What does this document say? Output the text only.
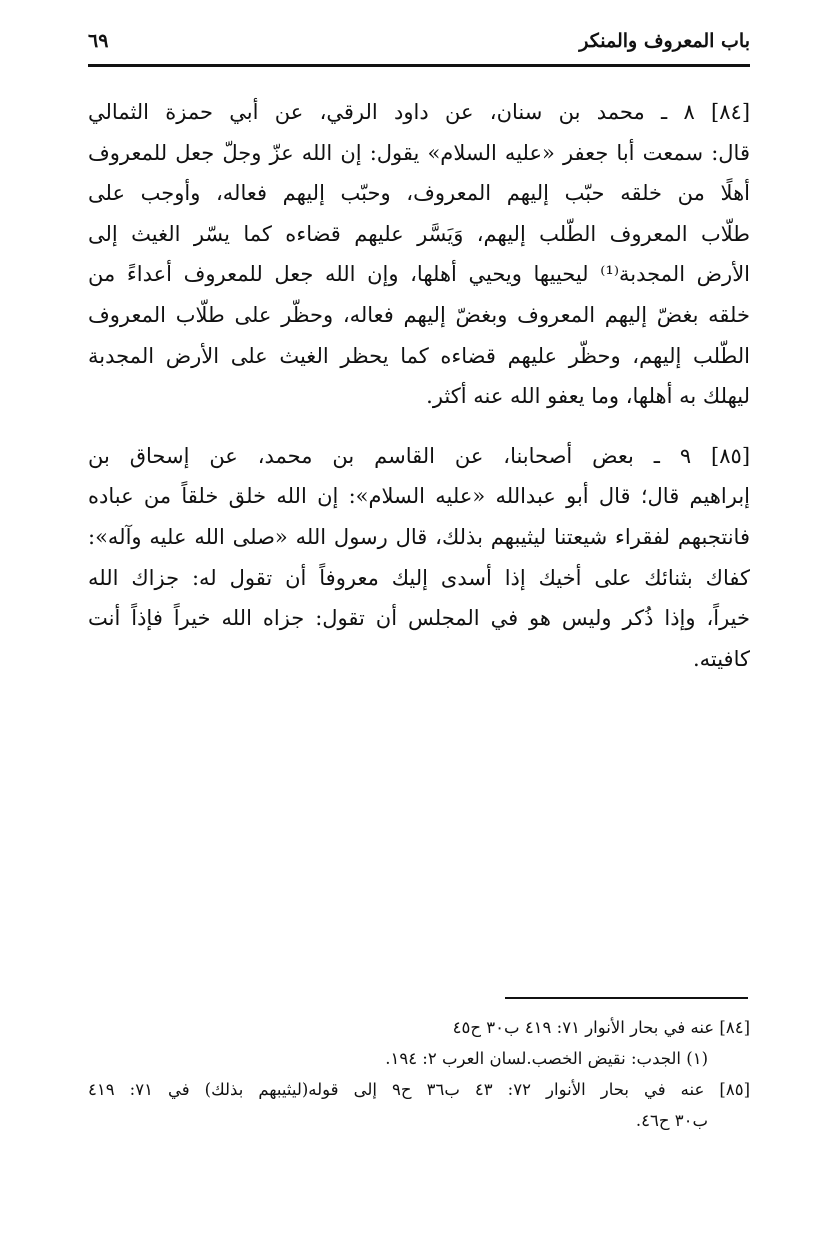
باب المعروف والمنكر
٦٩
[٨٤] ٨ ـ محمد بن سنان، عن داود الرقي، عن أبي حمزة الثمالي
قال: سمعت أبا جعفر «عليه السلام» يقول: إن الله عزّ وجلّ جعل للمعروف
أهلًا من خلقه حبّب إليهم المعروف، وحبّب إليهم فعاله، وأوجب على
طلّاب المعروف الطّلب إليهم، وَيَسَّر عليهم قضاءه كما يسّر الغيث إلى
الأرض المجدبة⁽¹⁾ ليحييها ويحيي أهلها، وإن الله جعل للمعروف أعداءً من
خلقه بغضّ إليهم المعروف وبغضّ إليهم فعاله، وحظّر على طلّاب المعروف
الطّلب إليهم، وحظّر عليهم قضاءه كما يحظر الغيث على الأرض المجدبة
ليهلك به أهلها، وما يعفو الله عنه أكثر.
[٨٥] ٩ ـ بعض أصحابنا، عن القاسم بن محمد، عن إسحاق بن
إبراهيم قال؛ قال أبو عبدالله «عليه السلام»: إن الله خلق خلقاً من عباده
فانتجبهم لفقراء شيعتنا ليثيبهم بذلك، قال رسول الله «صلى الله عليه وآله»:
كفاك بثنائك على أخيك إذا أسدى إليك معروفاً أن تقول له: جزاك الله
خيراً، وإذا ذُكر وليس هو في المجلس أن تقول: جزاه الله خيراً فإذاً أنت
كافيته.
[٨٤] عنه في بحار الأنوار ٧١: ٤١٩ ب٣٠ ح٤٥
(١) الجدب: نقيض الخصب.لسان العرب ٢: ١٩٤.
[٨٥] عنه في بحار الأنوار ٧٢: ٤٣ ب٣٦ ح٩ إلى قوله(ليثيبهم بذلك) في ٧١: ٤١٩
ب٣٠ ح٤٦.
